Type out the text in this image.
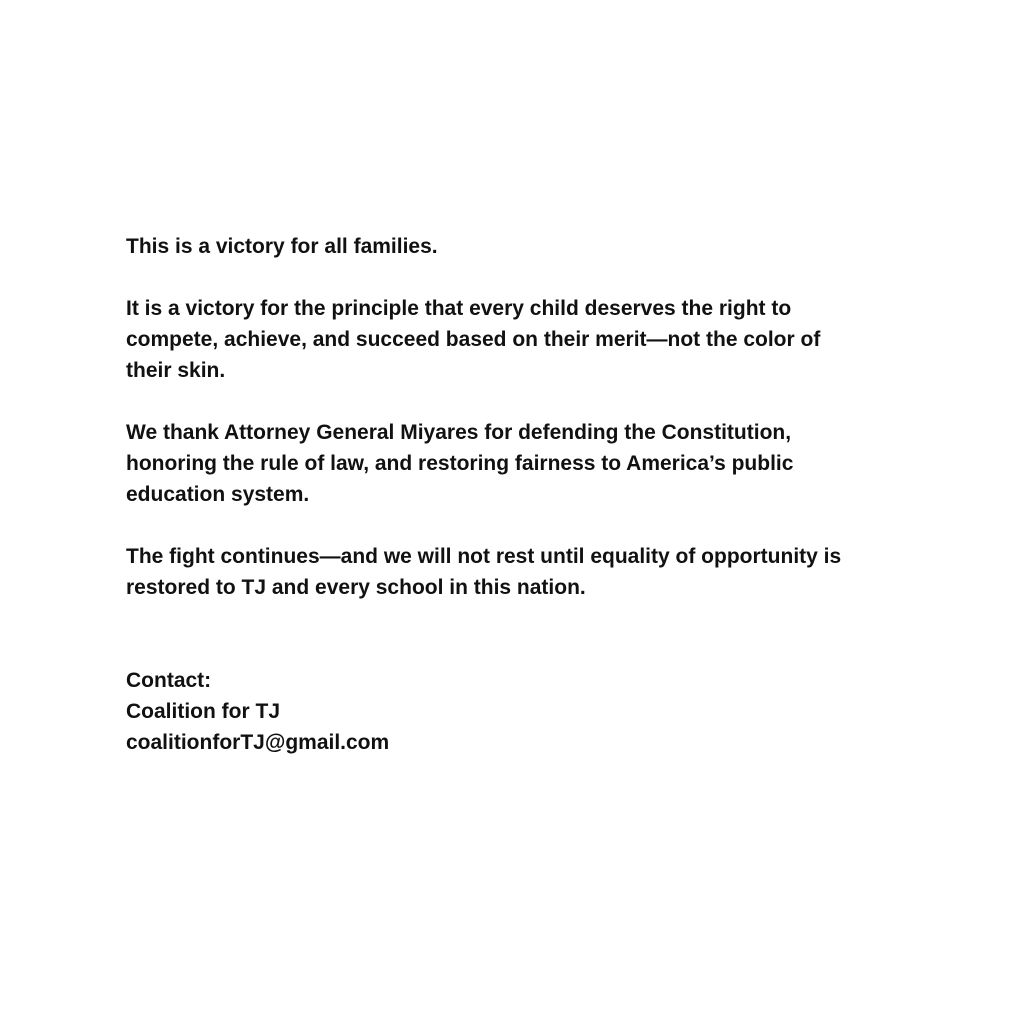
This is a victory for all families.

It is a victory for the principle that every child deserves the right to
compete, achieve, and succeed based on their merit—not the color of
their skin.

We thank Attorney General Miyares for defending the Constitution,
honoring the rule of law, and restoring fairness to America’s public
education system.

The fight continues—and we will not rest until equality of opportunity is
restored to TJ and every school in this nation.

Contact:
Coalition for TJ
coalitionforTJ@gmail.com
